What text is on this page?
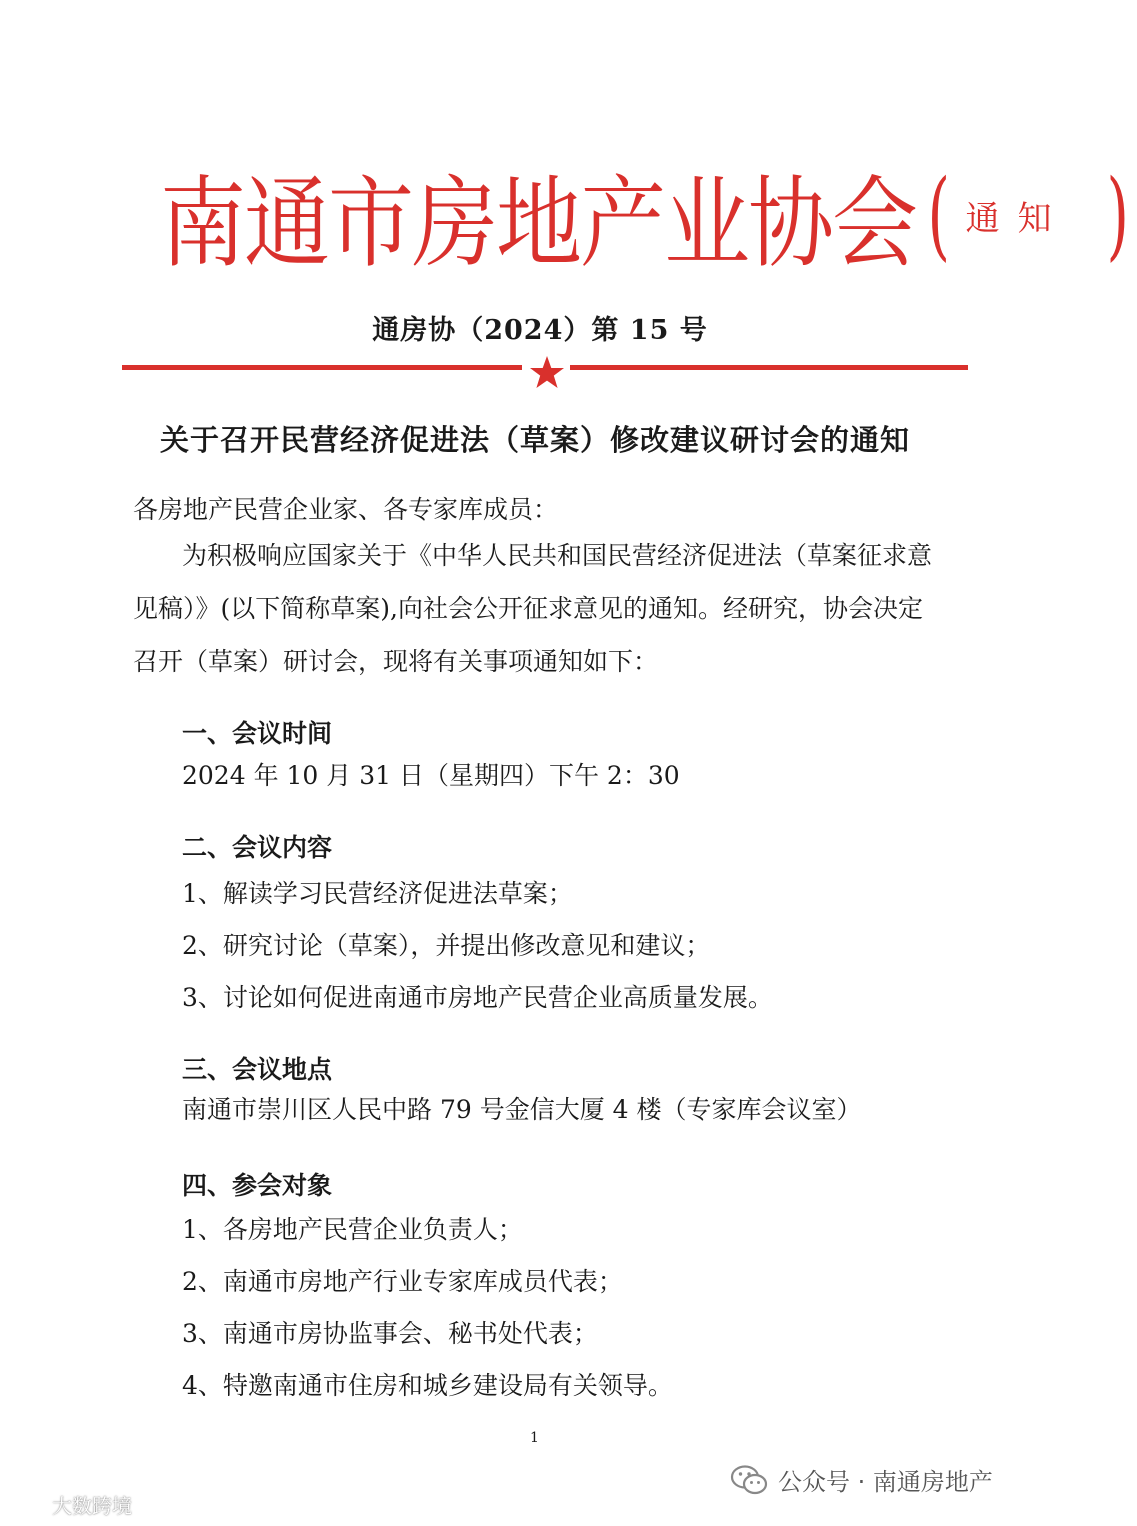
南通市房地产业协会 ( 通知 )
通房协（2024）第 15 号
关于召开民营经济促进法（草案）修改建议研讨会的通知
各房地产民营企业家、各专家库成员：
为积极响应国家关于《中华人民共和国民营经济促进法（草案征求意
见稿）》(以下简称草案),向社会公开征求意见的通知。经研究，协会决定
召开（草案）研讨会，现将有关事项通知如下：
一、会议时间
2024 年 10 月 31 日（星期四）下午 2：30
二、会议内容
1、解读学习民营经济促进法草案；
2、研究讨论（草案），并提出修改意见和建议；
3、讨论如何促进南通市房地产民营企业高质量发展。
三、会议地点
南通市崇川区人民中路 79 号金信大厦 4 楼（专家库会议室）
四、参会对象
1、各房地产民营企业负责人；
2、南通市房地产行业专家库成员代表；
3、南通市房协监事会、秘书处代表；
4、特邀南通市住房和城乡建设局有关领导。
1
公众号 · 南通房地产
大数跨境
